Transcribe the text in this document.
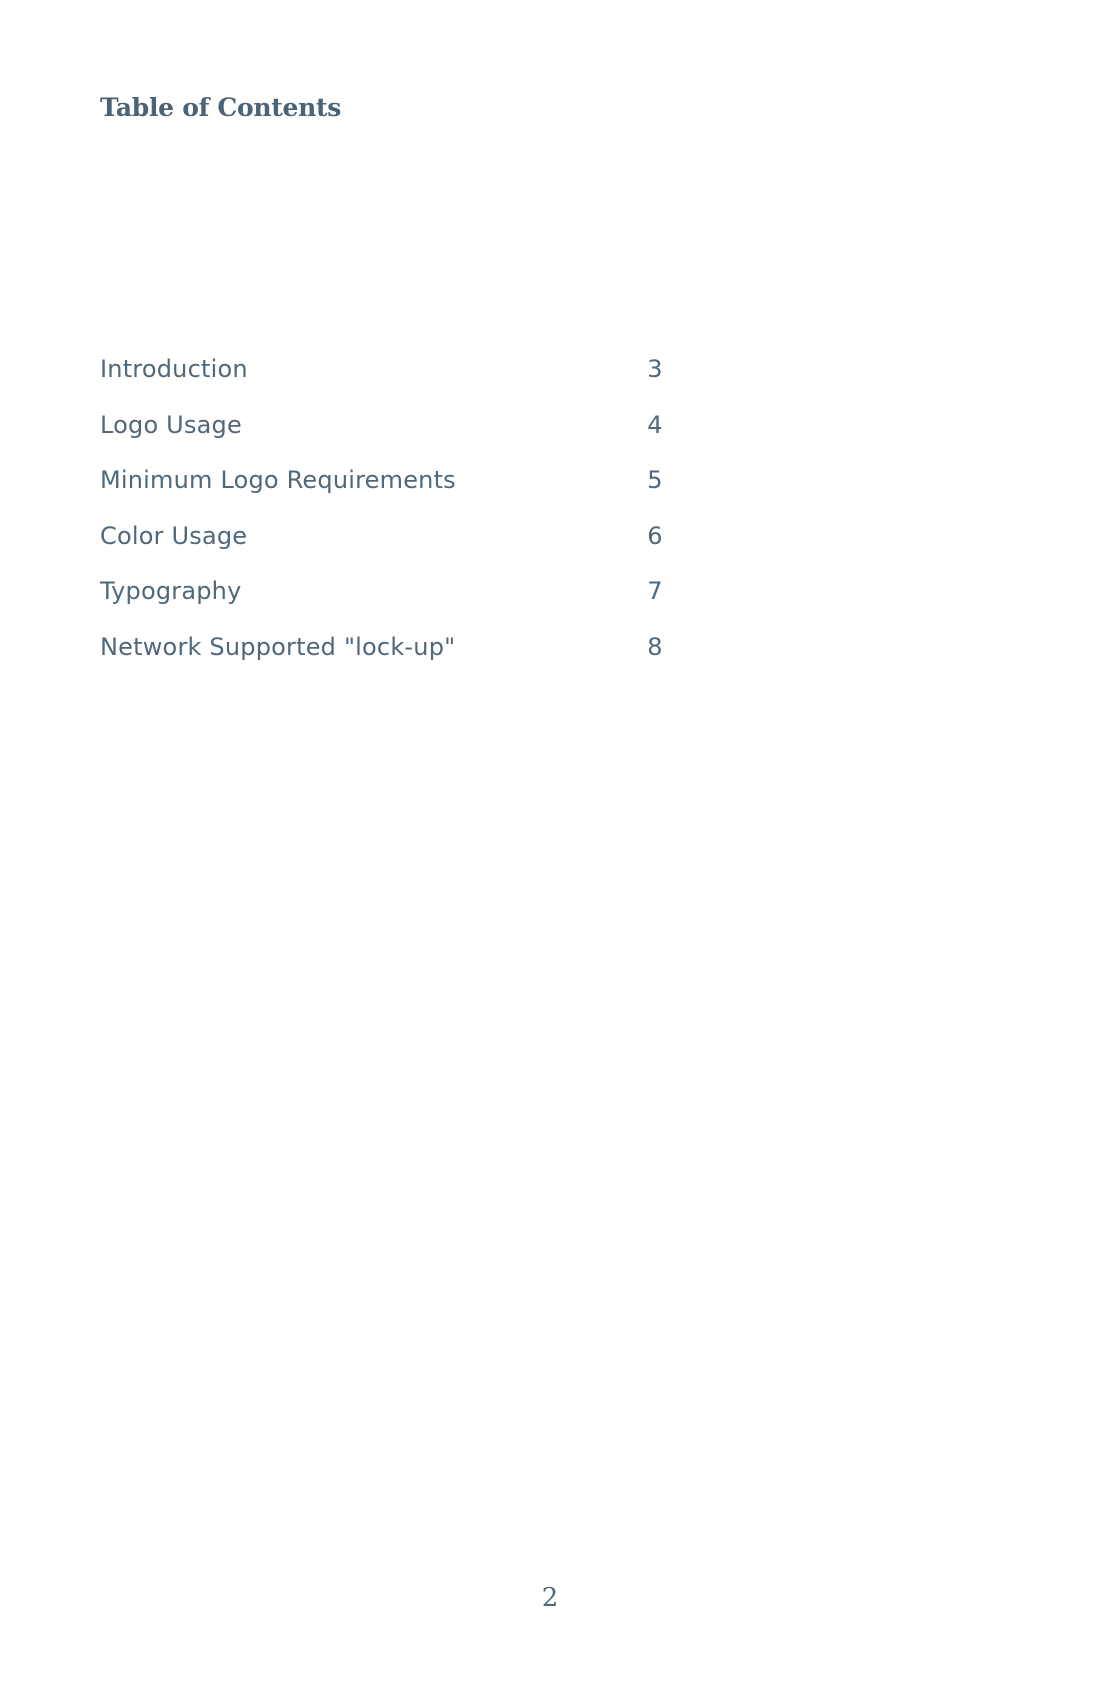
Table of Contents
Introduction	3
Logo Usage	4
Minimum Logo Requirements	5
Color Usage	6
Typography	7
Network Supported "lock-up"	8
2
